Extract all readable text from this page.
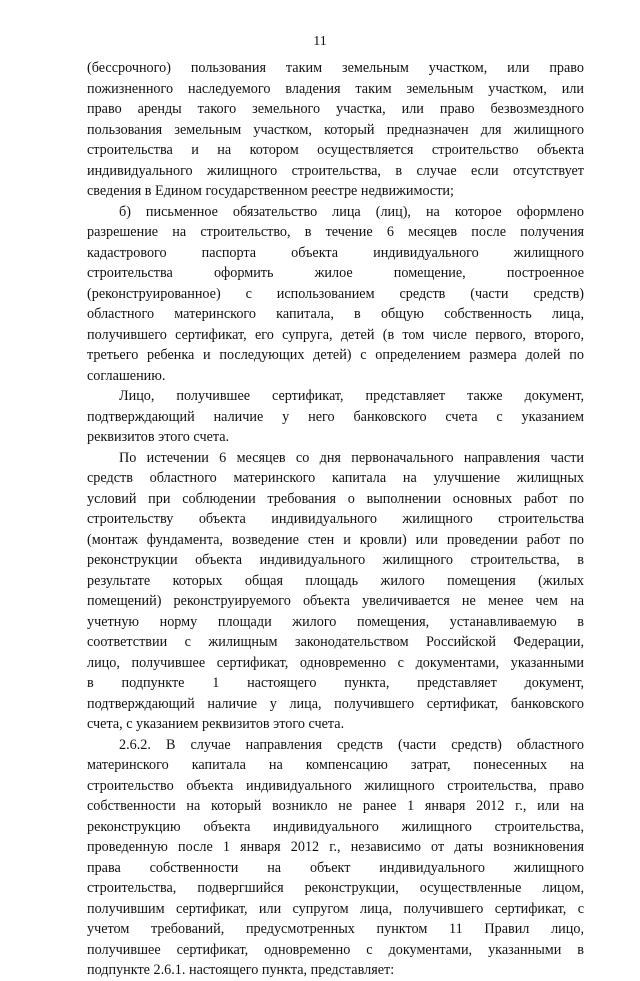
11
(бессрочного) пользования таким земельным участком, или право
пожизненного наследуемого владения таким земельным участком, или
право аренды такого земельного участка, или право безвозмездного
пользования земельным участком, который предназначен для жилищного
строительства и на котором осуществляется строительство объекта
индивидуального жилищного строительства, в случае если отсутствует
сведения в Едином государственном реестре недвижимости;
б) письменное обязательство лица (лиц), на которое оформлено
разрешение на строительство, в течение 6 месяцев после получения
кадастрового паспорта объекта индивидуального жилищного
строительства оформить жилое помещение, построенное
(реконструированное) с использованием средств (части средств)
областного материнского капитала, в общую собственность лица,
получившего сертификат, его супруга, детей (в том числе первого, второго,
третьего ребенка и последующих детей) с определением размера долей по
соглашению.
Лицо, получившее сертификат, представляет также документ,
подтверждающий наличие у него банковского счета с указанием
реквизитов этого счета.
По истечении 6 месяцев со дня первоначального направления части
средств областного материнского капитала на улучшение жилищных
условий при соблюдении требования о выполнении основных работ по
строительству объекта индивидуального жилищного строительства
(монтаж фундамента, возведение стен и кровли) или проведении работ по
реконструкции объекта индивидуального жилищного строительства, в
результате которых общая площадь жилого помещения (жилых
помещений) реконструируемого объекта увеличивается не менее чем на
учетную норму площади жилого помещения, устанавливаемую в
соответствии с жилищным законодательством Российской Федерации,
лицо, получившее сертификат, одновременно с документами, указанными
в подпункте 1 настоящего пункта, представляет документ,
подтверждающий наличие у лица, получившего сертификат, банковского
счета, с указанием реквизитов этого счета.
2.6.2. В случае направления средств (части средств) областного
материнского капитала на компенсацию затрат, понесенных на
строительство объекта индивидуального жилищного строительства, право
собственности на который возникло не ранее 1 января 2012 г., или на
реконструкцию объекта индивидуального жилищного строительства,
проведенную после 1 января 2012 г., независимо от даты возникновения
права собственности на объект индивидуального жилищного
строительства, подвергшийся реконструкции, осуществленные лицом,
получившим сертификат, или супругом лица, получившего сертификат, с
учетом требований, предусмотренных пунктом 11 Правил лицо,
получившее сертификат, одновременно с документами, указанными в
подпункте 2.6.1. настоящего пункта, представляет:
